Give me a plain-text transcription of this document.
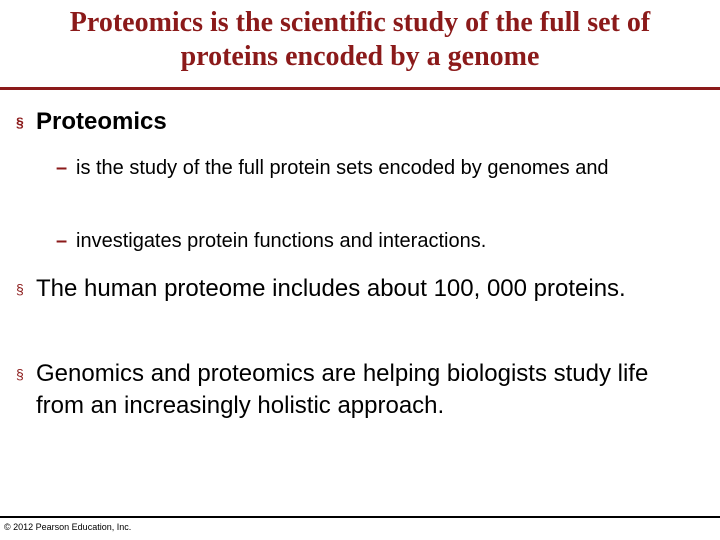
Proteomics is the scientific study of the full set of
proteins encoded by a genome
§ Proteomics
– is the study of the full protein sets encoded by genomes and
– investigates protein functions and interactions.
§ The human proteome includes about 100, 000 proteins.
§ Genomics and proteomics are helping biologists study life from an increasingly holistic approach.
© 2012 Pearson Education, Inc.
